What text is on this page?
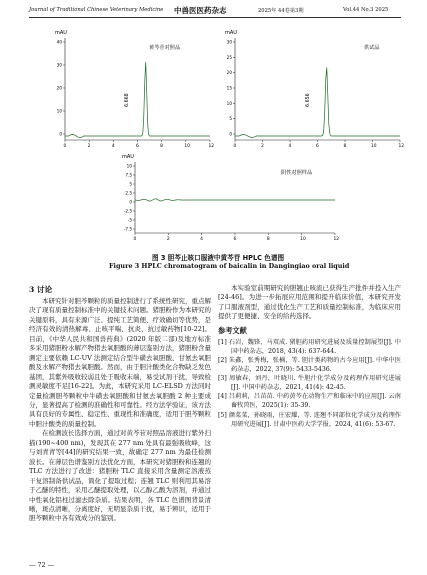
Journal of Traditional Chinese Veterinary Medicine 中兽医医药杂志	2025年 44卷第3期	Vol.44 No.3 2025
mAU
0
10
20
30
40
0	2	4	6	8	10	12
黄芩苷对照品
6.668
mAU
0
5
10
15
20
25
30
0	2	4	6	8	10	12
供试品
6.656
mAU
10
7.5
5
2.5
0
-2.5
-5
-7.5
0	2	4	6	8	10	12
阴性对照样品
图 3 胆芩止咳口服液中黄芩苷 HPLC 色谱图
Figure 3 HPLC chromatogram of baicalin in Dangingiao oral liquid
3 讨论

本研究针对胆芩颗粒的质量控制进行了系统性研究，重点解决了现有质量控制标准中的关键技术问题。猪胆粉作为本研究的关键原料，具有来源广泛、提纯工艺简便、疗效确切等优势，是经济有效的清热解毒、止咳平喘、抗炎、抗过敏药物[10-22]。目前，《中华人民共和国兽药典》(2020 年版二部)及地方标准多采用猪胆粉水解产物猪去氧胆酸的薄层鉴别方法，猪胆粉含量测定主要依赖 LC-UV 法测定结合型牛磺去氧胆酸、甘氨去氧胆酸及水解产物猪去氧胆酸。然而，由于胆汁酸类化合物缺乏发色基团，其紫外吸收较弱且处于吸收末端，易受试剂干扰，导致检测灵敏度不足[16-22]。为此，本研究采用 LC-ELSD 方法同时定量检测胆芩颗粒中牛磺去氧胆酸和甘氨去氧胆酸 2 种主要成分，显著提高了检测的准确性和可靠性。经方法学验证，该方法具有良好的专属性、稳定性、重现性和准确度，适用于胆芩颗粒中胆汁酸类的质量控制。

在检测波长选择方面，通过对黄芩苷对照品溶液进行紫外扫描(190~400 nm)，发现其在 277 nm 处具有最强吸收峰，这与刘青青等[44]的研究结果一致，故确定 277 nm 为最佳检测波长。在薄层色谱鉴别方法优化方面，本研究对猪胆粉和连翘的 TLC 方法进行了改进：猪胆粉 TLC 直接采用含量测定溶液蒸干复溶制备供试品，简化了提取过程；连翘 TLC 则利用其易溶于乙醚的特性，采用乙醚提取处理，以乙醇乙酸为溶剂，并通过中性氧化铝柱过滤去除杂质。结果表明，各 TLC 色谱图背景清晰，斑点清晰，分离度好，无明显杂质干扰，易于辨识，适用于胆芩颗粒中各有效成分的鉴别。

本实验室前期研究的胆翘止咳流已获得生产批件并投入生产[24-46]。为进一步拓展应用范围和提升临床价值，本研究开发了口服液剂型，通过优化生产工艺和质量控制标准，为临床应用提供了更便捷、安全的给药选择。

参考文献

[1] 石岩，魏锋，马双成. 猪胆药用研究进展及质量控制展望[J]. 中国中药杂志，2018, 43(4): 637-644.

[2] 朱鑫，张秀梅，张楠，等. 胆汁类药物的古今应用[J]. 中华中医药杂志，2022, 37(9): 5433-5436.

[3] 周敏春，刘丹，叶晓川. 牛胆汁化学成分及药理作用研究进展[J]. 中国中药杂志，2021, 41(4): 42-45.

[4] 吕莉莉，吕苗苗. 中药黄芩在动物生产和临床中的应用[J]. 云南畜牧兽医，2025(1): 35-39.

[5] 颜菜菜，孙晓雨，庄宏耀，等. 连翘不同部位化学成分及药理作用研究进展[J]. 甘肃中医药大学学报，2024, 41(6): 53-67.

— 72 —
